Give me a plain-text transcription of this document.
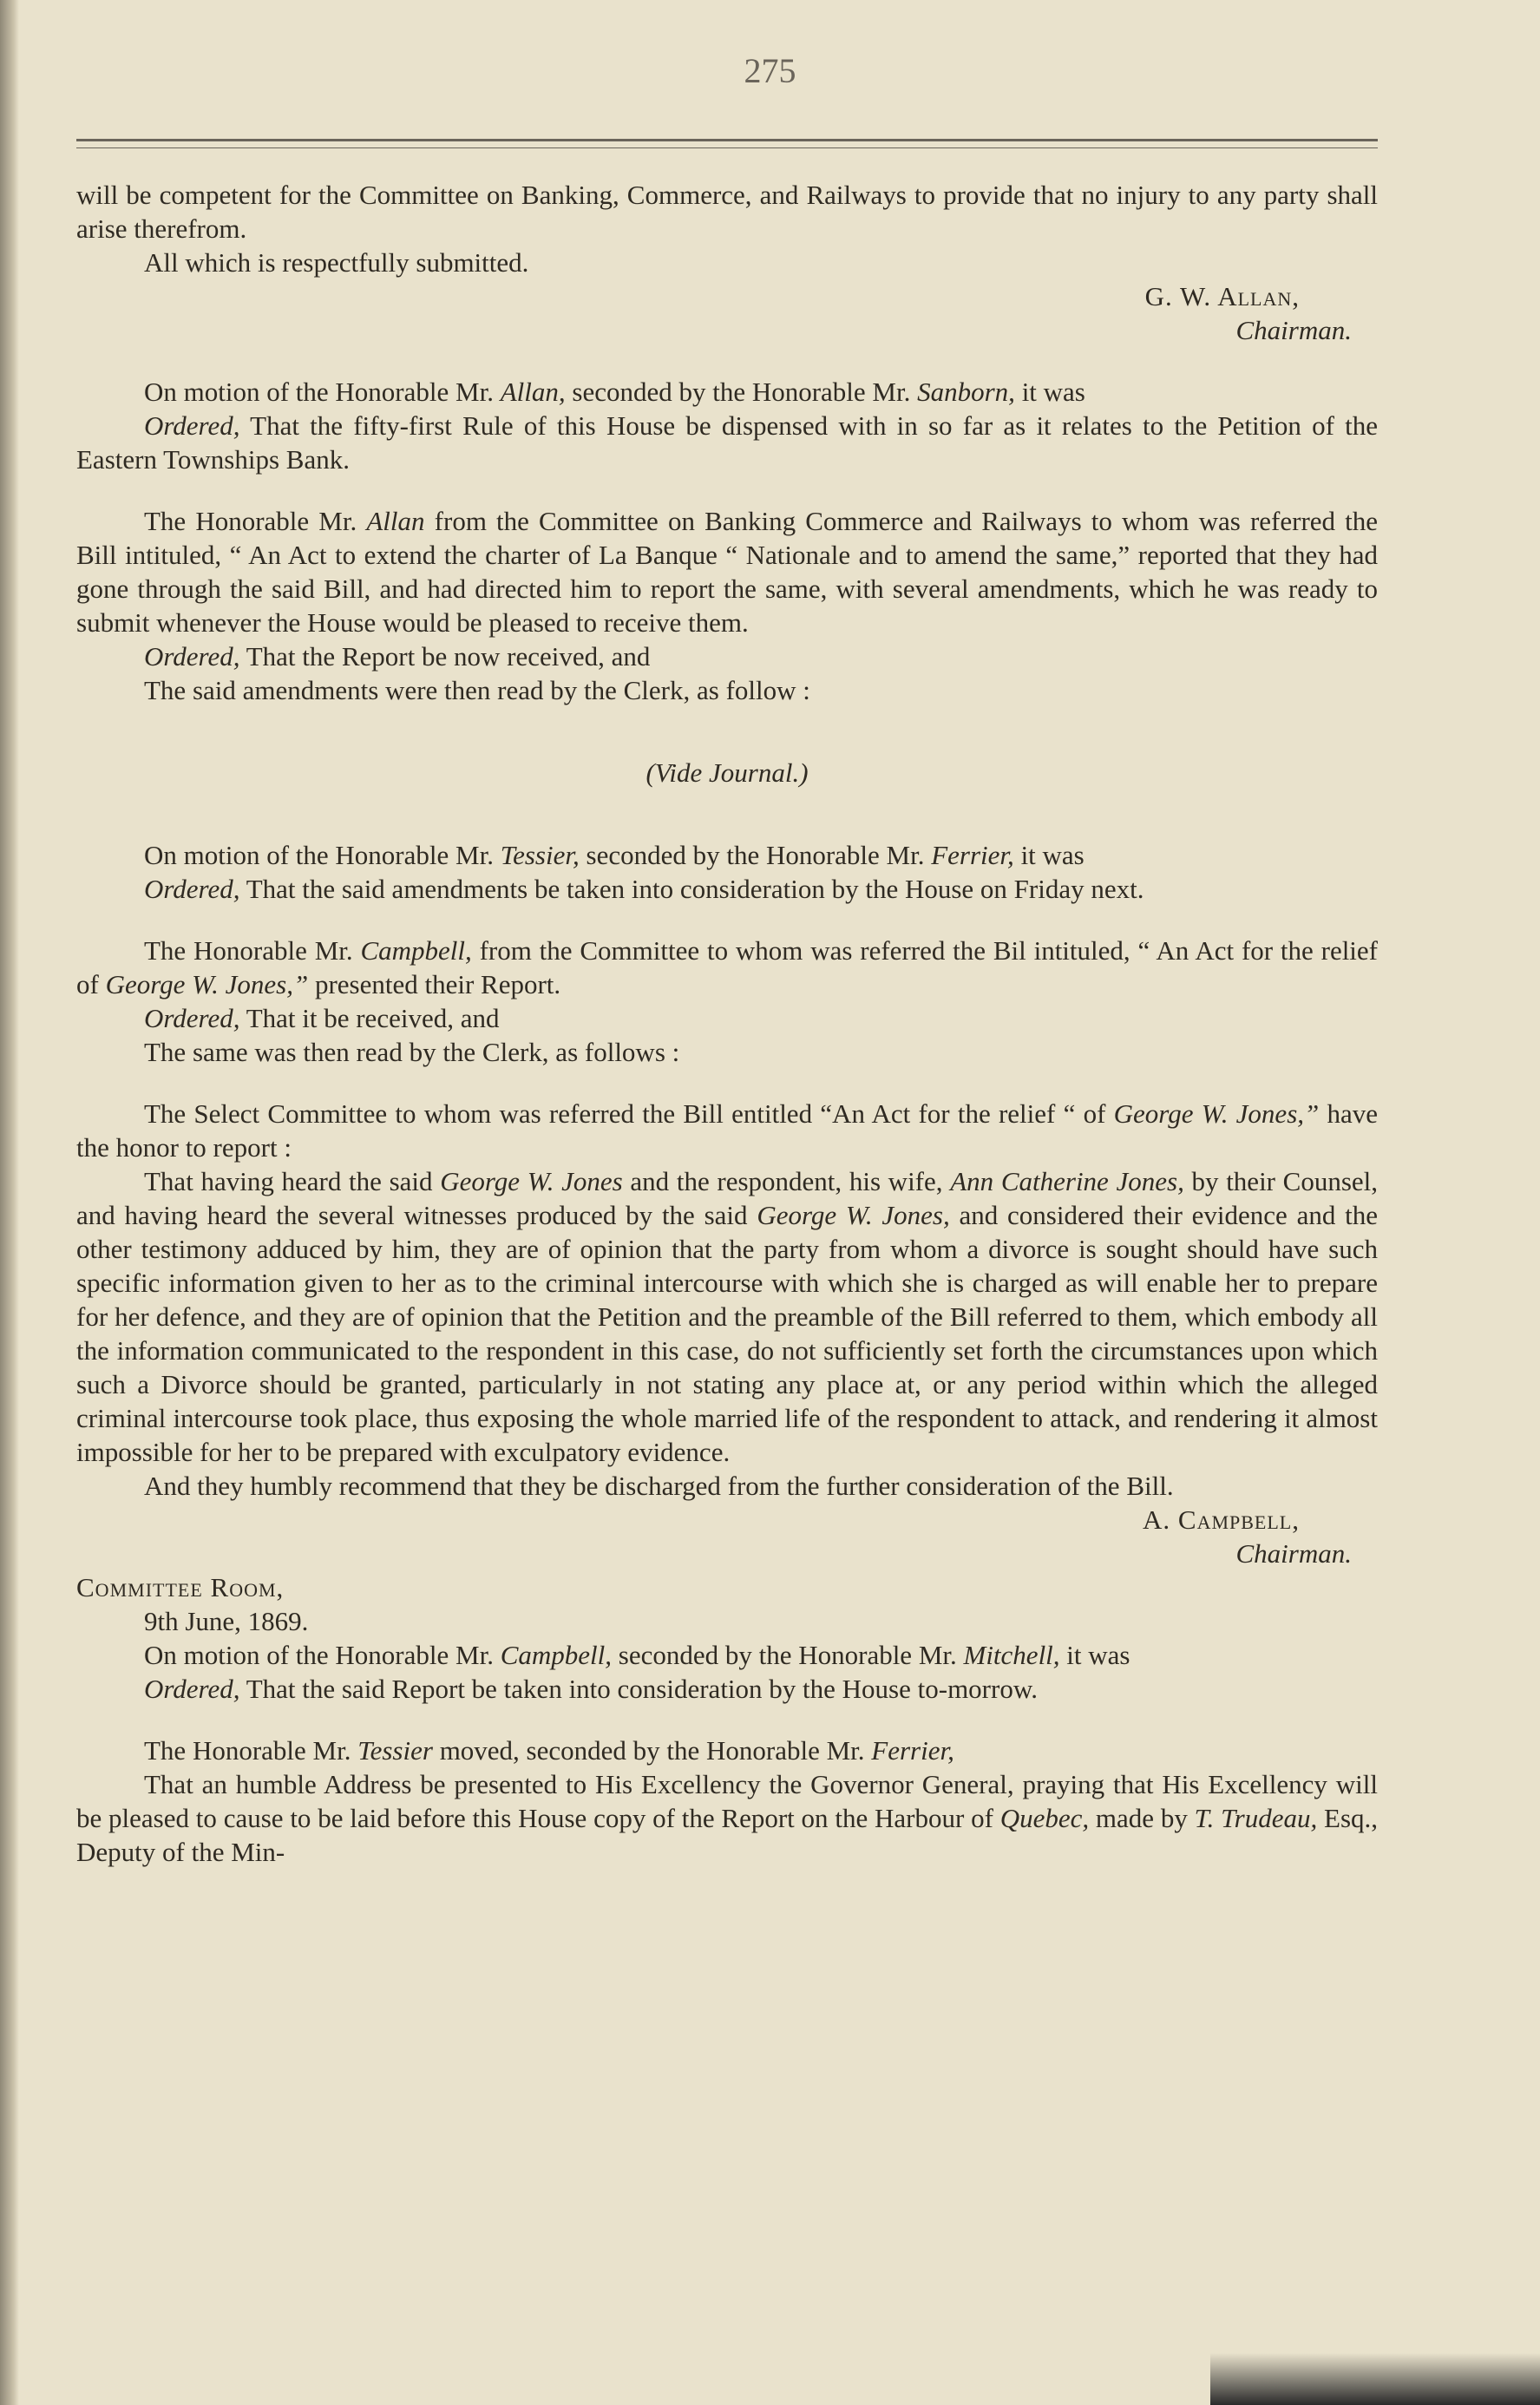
275

will be competent for the Committee on Banking, Commerce, and Railways to provide that no injury to any party shall arise therefrom.

All which is respectfully submitted.

G. W. Allan,
Chairman.

On motion of the Honorable Mr. Allan, seconded by the Honorable Mr. Sanborn, it was

Ordered, That the fifty-first Rule of this House be dispensed with in so far as it relates to the Petition of the Eastern Townships Bank.

The Honorable Mr. Allan from the Committee on Banking Commerce and Railways to whom was referred the Bill intituled, “ An Act to extend the charter of La Banque “ Nationale and to amend the same,” reported that they had gone through the said Bill, and had directed him to report the same, with several amendments, which he was ready to submit whenever the House would be pleased to receive them.

Ordered, That the Report be now received, and

The said amendments were then read by the Clerk, as follow :

(Vide Journal.)

On motion of the Honorable Mr. Tessier, seconded by the Honorable Mr. Ferrier, it was

Ordered, That the said amendments be taken into consideration by the House on Friday next.

The Honorable Mr. Campbell, from the Committee to whom was referred the Bil intituled, “ An Act for the relief of George W. Jones,” presented their Report.

Ordered, That it be received, and

The same was then read by the Clerk, as follows :

The Select Committee to whom was referred the Bill entitled “An Act for the relief “ of George W. Jones,” have the honor to report :

That having heard the said George W. Jones and the respondent, his wife, Ann Catherine Jones, by their Counsel, and having heard the several witnesses produced by the said George W. Jones, and considered their evidence and the other testimony adduced by him, they are of opinion that the party from whom a divorce is sought should have such specific information given to her as to the criminal intercourse with which she is charged as will enable her to prepare for her defence, and they are of opinion that the Petition and the preamble of the Bill referred to them, which embody all the information communicated to the respondent in this case, do not sufficiently set forth the circumstances upon which such a Divorce should be granted, particularly in not stating any place at, or any period within which the alleged criminal intercourse took place, thus exposing the whole married life of the respondent to attack, and rendering it almost impossible for her to be prepared with exculpatory evidence.

And they humbly recommend that they be discharged from the further consideration of the Bill.

A. Campbell,
Chairman.

Committee Room,

9th June, 1869.

On motion of the Honorable Mr. Campbell, seconded by the Honorable Mr. Mitchell, it was

Ordered, That the said Report be taken into consideration by the House to-morrow.

The Honorable Mr. Tessier moved, seconded by the Honorable Mr. Ferrier,

That an humble Address be presented to His Excellency the Governor General, praying that His Excellency will be pleased to cause to be laid before this House copy of the Report on the Harbour of Quebec, made by T. Trudeau, Esq., Deputy of the Min-
